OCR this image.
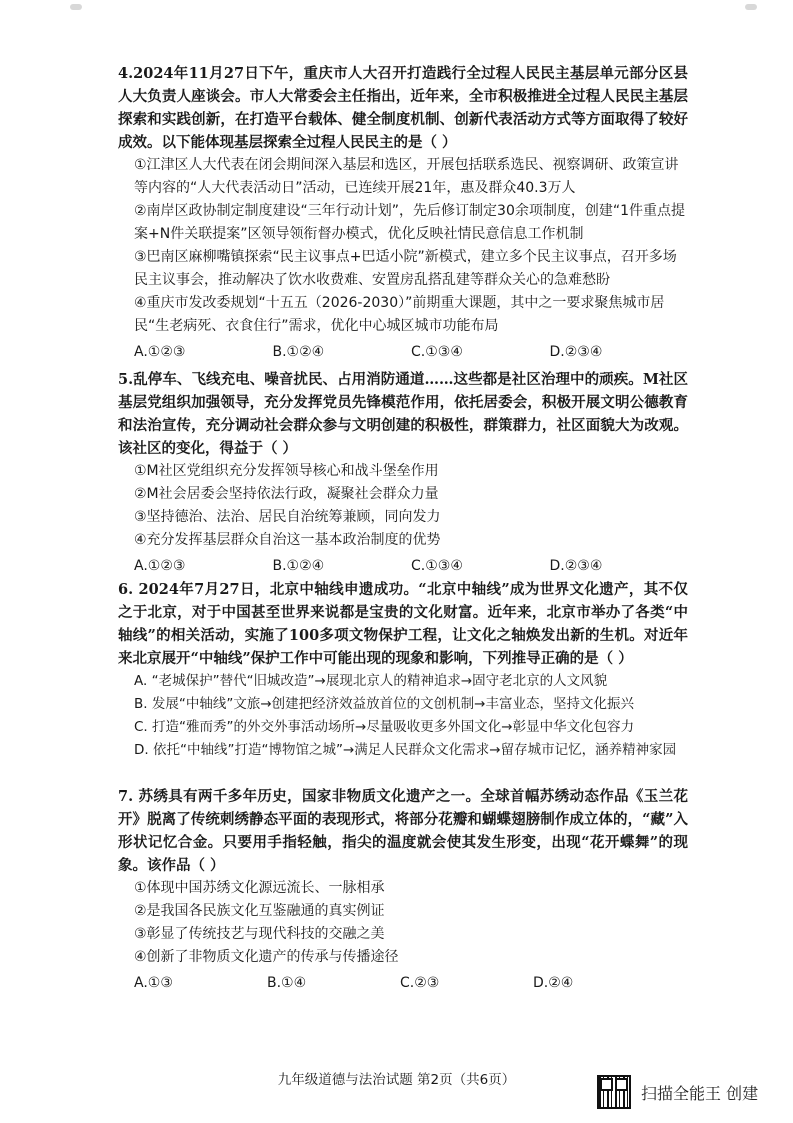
4.2024年11月27日下午，重庆市人大召开打造践行全过程人民民主基层单元部分区县人大负责人座谈会。市人大常委会主任指出，近年来，全市积极推进全过程人民民主基层探索和实践创新，在打造平台载体、健全制度机制、创新代表活动方式等方面取得了较好成效。以下能体现基层探索全过程人民民主的是（ ）

①江津区人大代表在闭会期间深入基层和选区，开展包括联系选民、视察调研、政策宣讲等内容的“人大代表活动日”活动，已连续开展21年，惠及群众40.3万人

②南岸区政协制定制度建设“三年行动计划”，先后修订制定30余项制度，创建“1件重点提案+N件关联提案”区领导领衔督办模式，优化反映社情民意信息工作机制

③巴南区麻柳嘴镇探索“民主议事点+巴适小院”新模式，建立多个民主议事点，召开多场民主议事会，推动解决了饮水收费难、安置房乱搭乱建等群众关心的急难愁盼

④重庆市发改委规划“十五五（2026-2030）”前期重大课题，其中之一要求聚焦城市居民“生老病死、衣食住行”需求，优化中心城区城市功能布局

A.①②③	B.①②④	C.①③④	D.②③④

5.乱停车、飞线充电、噪音扰民、占用消防通道……这些都是社区治理中的顽疾。M社区基层党组织加强领导，充分发挥党员先锋模范作用，依托居委会，积极开展文明公德教育和法治宣传，充分调动社会群众参与文明创建的积极性，群策群力，社区面貌大为改观。该社区的变化，得益于（ ）

①M社区党组织充分发挥领导核心和战斗堡垒作用

②M社会居委会坚持依法行政，凝聚社会群众力量

③坚持德治、法治、居民自治统筹兼顾，同向发力

④充分发挥基层群众自治这一基本政治制度的优势

A.①②③	B.①②④	C.①③④	D.②③④

6. 2024年7月27日，北京中轴线申遗成功。“北京中轴线”成为世界文化遗产，其不仅之于北京，对于中国甚至世界来说都是宝贵的文化财富。近年来，北京市举办了各类“中轴线”的相关活动，实施了100多项文物保护工程，让文化之轴焕发出新的生机。对近年来北京展开“中轴线”保护工作中可能出现的现象和影响，下列推导正确的是（ ）

A. “老城保护”替代“旧城改造”→展现北京人的精神追求→固守老北京的人文风貌

B. 发展“中轴线”文旅→创建把经济效益放首位的文创机制→丰富业态，坚持文化振兴

C. 打造“雅而秀”的外交外事活动场所→尽量吸收更多外国文化→彰显中华文化包容力

D. 依托“中轴线”打造“博物馆之城”→满足人民群众文化需求→留存城市记忆，涵养精神家园

7. 苏绣具有两千多年历史，国家非物质文化遗产之一。全球首幅苏绣动态作品《玉兰花开》脱离了传统刺绣静态平面的表现形式，将部分花瓣和蝴蝶翅膀制作成立体的，“藏”入形状记忆合金。只要用手指轻触，指尖的温度就会使其发生形变，出现“花开蝶舞”的现象。该作品（ ）

①体现中国苏绣文化源远流长、一脉相承

②是我国各民族文化互鉴融通的真实例证

③彰显了传统技艺与现代科技的交融之美

④创新了非物质文化遗产的传承与传播途径

A.①③	B.①④	C.②③	D.②④
九年级道德与法治试题 第2页（共6页）
扫描全能王 创建
